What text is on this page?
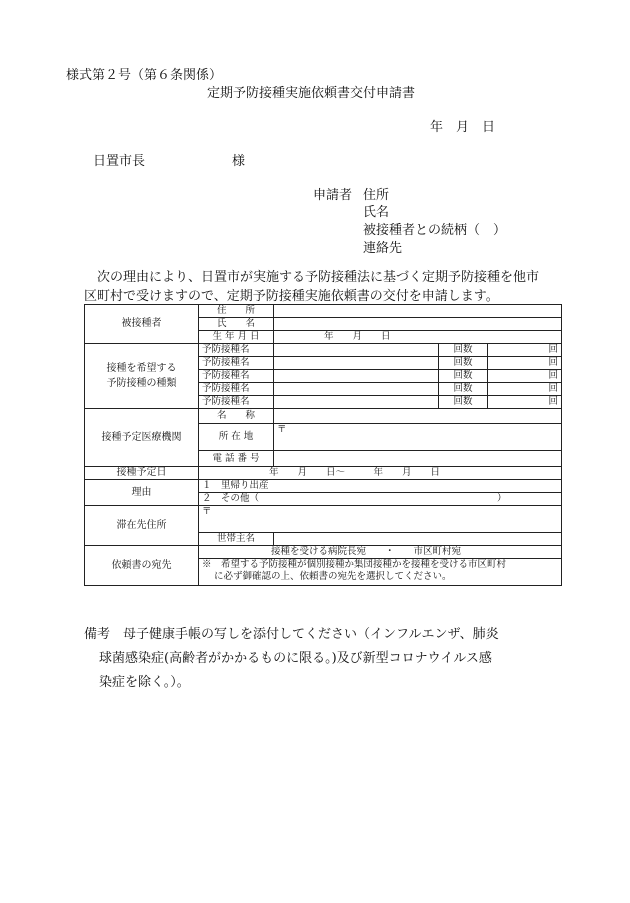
様式第２号（第６条関係）
定期予防接種実施依頼書交付申請書
年　月　日
日置市長	様
申請者 住所
氏名
被接種者との続柄（　）
連絡先
次の理由により、日置市が実施する予防接種法に基づく定期予防接種を他市
区町村で受けますので、定期予防接種実施依頼書の交付を申請します。
被接種者	住　　所			
	氏　　名			
	生 年 月 日	年　　月　　日		

接種を希望する
予防接種の種類	予防接種名		回数	回
	予防接種名		回数	回
	予防接種名		回数	回
	予防接種名		回数	回
	予防接種名		回数	回
接種予定医療機関	名　　称			
	所 在 地	〒		
	電 話 番 号			
接種予定日	年　　月　　日～　　　年　　月　　日			
理由	１　里帰り出産			
	２　その他（ ）			
滞在先住所	〒			
	世帯主名			
依頼書の宛先	接種を受ける病院長宛　　・　　市区町村宛			

	※　希望する予防接種が個別接種か集団接種かを接種を受ける市区町村
に必ず御確認の上、依頼書の宛先を選択してください。			
備考　母子健康手帳の写しを添付してください（インフルエンザ、肺炎
球菌感染症(高齢者がかかるものに限る。)及び新型コロナウイルス感
染症を除く。）。
